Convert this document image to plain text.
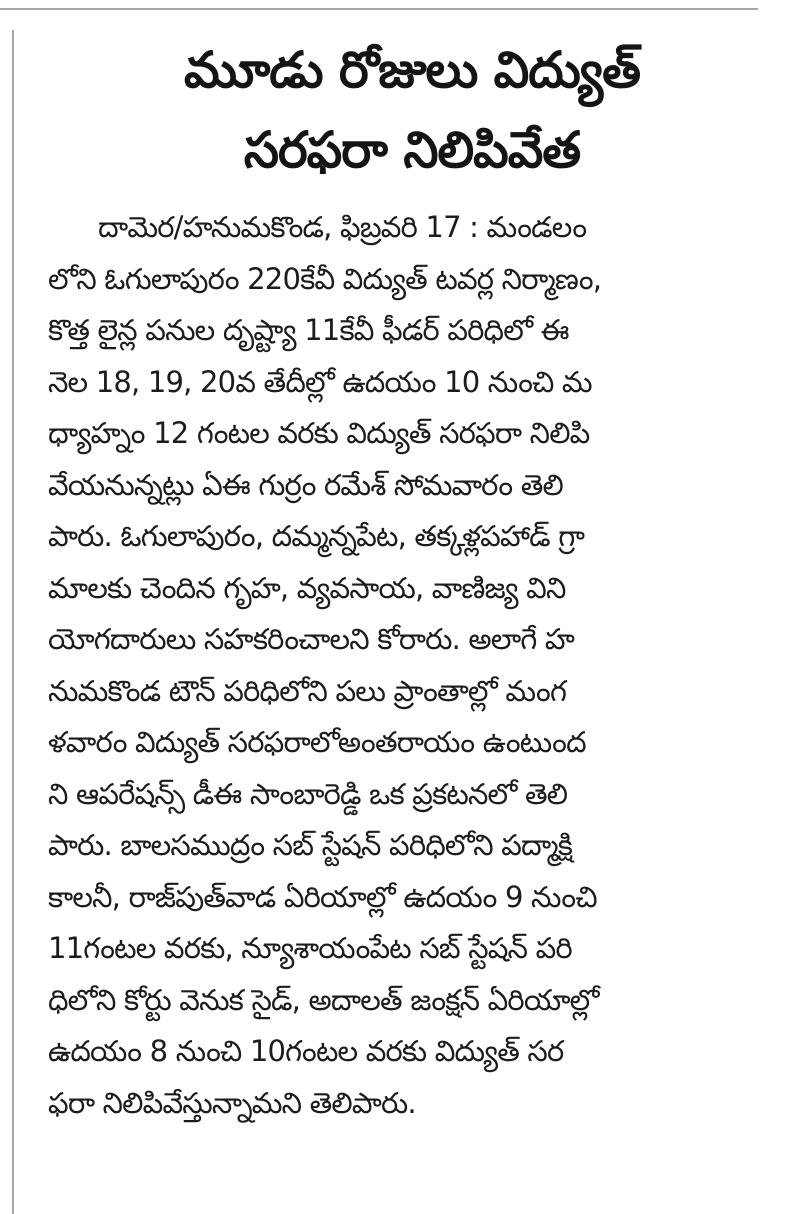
మూడు రోజులు విద్యుత్
సరఫరా నిలిపివేత
దామెర/హనుమకొండ, ఫిబ్రవరి 17 : మండలం
లోని ఓగులాపురం 220కేవీ విద్యుత్ టవర్ల నిర్మాణం,
కొత్త లైన్ల పనుల దృష్ట్యా 11కేవీ ఫీడర్ పరిధిలో ఈ
నెల 18, 19, 20వ తేదీల్లో ఉదయం 10 నుంచి మ
ధ్యాహ్నం 12 గంటల వరకు విద్యుత్ సరఫరా నిలిపి
వేయనున్నట్లు ఏఈ గుర్రం రమేశ్ సోమవారం తెలి
పారు. ఓగులాపురం, దమ్మన్నపేట, తక్కళ్లపహాడ్ గ్రా
మాలకు చెందిన గృహ, వ్యవసాయ, వాణిజ్య విని
యోగదారులు సహకరించాలని కోరారు. అలాగే హ
నుమకొండ టౌన్ పరిధిలోని పలు ప్రాంతాల్లో మంగ
ళవారం విద్యుత్ సరఫరాలోఅంతరాయం ఉంటుంద
ని ఆపరేషన్స్ డీఈ సాంబారెడ్డి ఒక ప్రకటనలో తెలి
పారు. బాలసముద్రం సబ్ స్టేషన్ పరిధిలోని పద్మాక్షి
కాలనీ, రాజ్‌పుత్‌వాడ ఏరియాల్లో ఉదయం 9 నుంచి
11గంటల వరకు, న్యూశాయంపేట సబ్ స్టేషన్ పరి
ధిలోని కోర్టు వెనుక సైడ్, అదాలత్ జంక్షన్ ఏరియాల్లో
ఉదయం 8 నుంచి 10గంటల వరకు విద్యుత్ సర
ఫరా నిలిపివేస్తున్నామని తెలిపారు.
